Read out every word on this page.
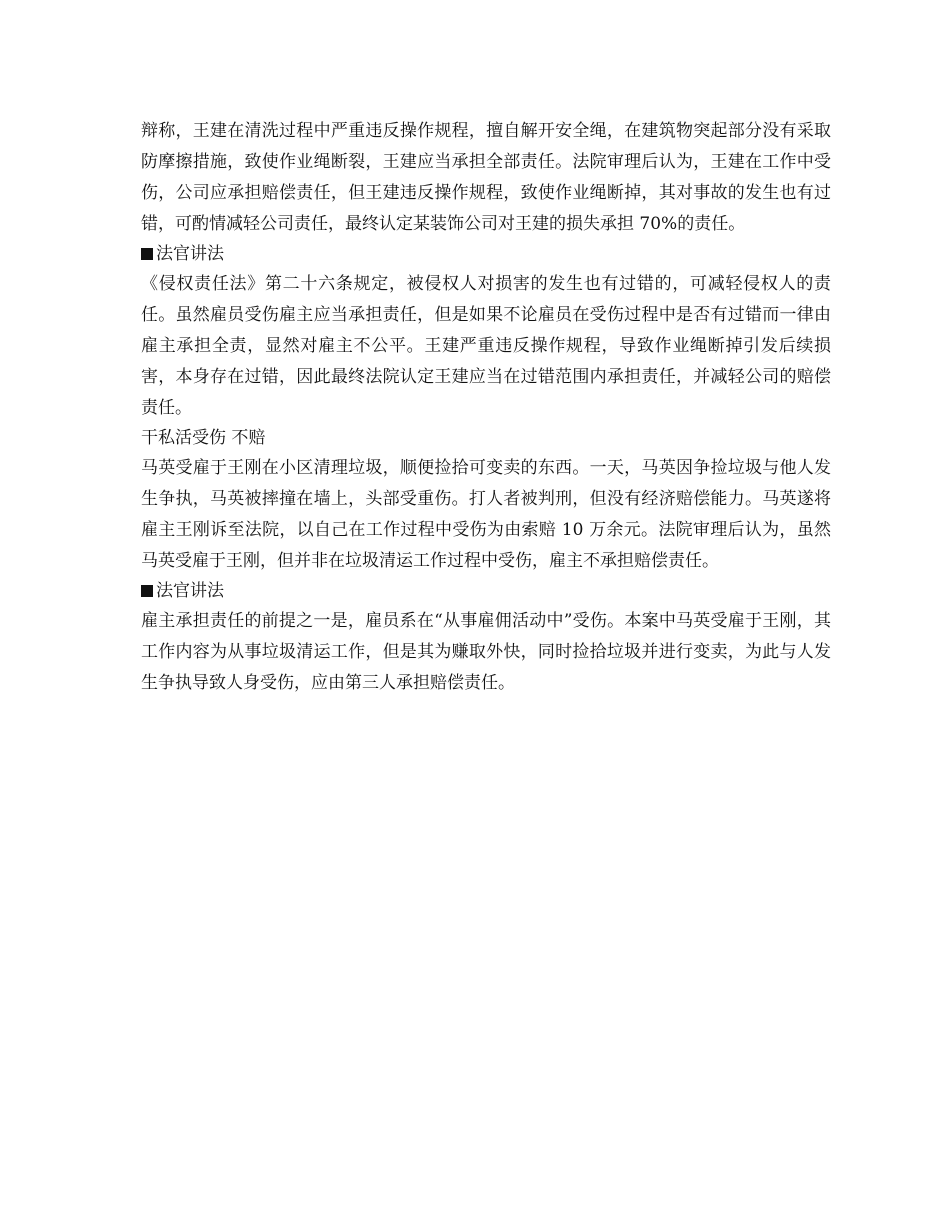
辩称，王建在清洗过程中严重违反操作规程，擅自解开安全绳，在建筑物突起部分没有采取防摩擦措施，致使作业绳断裂，王建应当承担全部责任。法院审理后认为，王建在工作中受伤，公司应承担赔偿责任，但王建违反操作规程，致使作业绳断掉，其对事故的发生也有过错，可酌情减轻公司责任，最终认定某装饰公司对王建的损失承担 70%的责任。

法官讲法

《侵权责任法》第二十六条规定，被侵权人对损害的发生也有过错的，可减轻侵权人的责任。虽然雇员受伤雇主应当承担责任，但是如果不论雇员在受伤过程中是否有过错而一律由雇主承担全责，显然对雇主不公平。王建严重违反操作规程，导致作业绳断掉引发后续损害，本身存在过错，因此最终法院认定王建应当在过错范围内承担责任，并减轻公司的赔偿责任。

干私活受伤 不赔

马英受雇于王刚在小区清理垃圾，顺便捡拾可变卖的东西。一天，马英因争捡垃圾与他人发生争执，马英被摔撞在墙上，头部受重伤。打人者被判刑，但没有经济赔偿能力。马英遂将雇主王刚诉至法院，以自己在工作过程中受伤为由索赔 10 万余元。法院审理后认为，虽然马英受雇于王刚，但并非在垃圾清运工作过程中受伤，雇主不承担赔偿责任。

法官讲法

雇主承担责任的前提之一是，雇员系在“从事雇佣活动中”受伤。本案中马英受雇于王刚，其工作内容为从事垃圾清运工作，但是其为赚取外快，同时捡拾垃圾并进行变卖，为此与人发生争执导致人身受伤，应由第三人承担赔偿责任。
